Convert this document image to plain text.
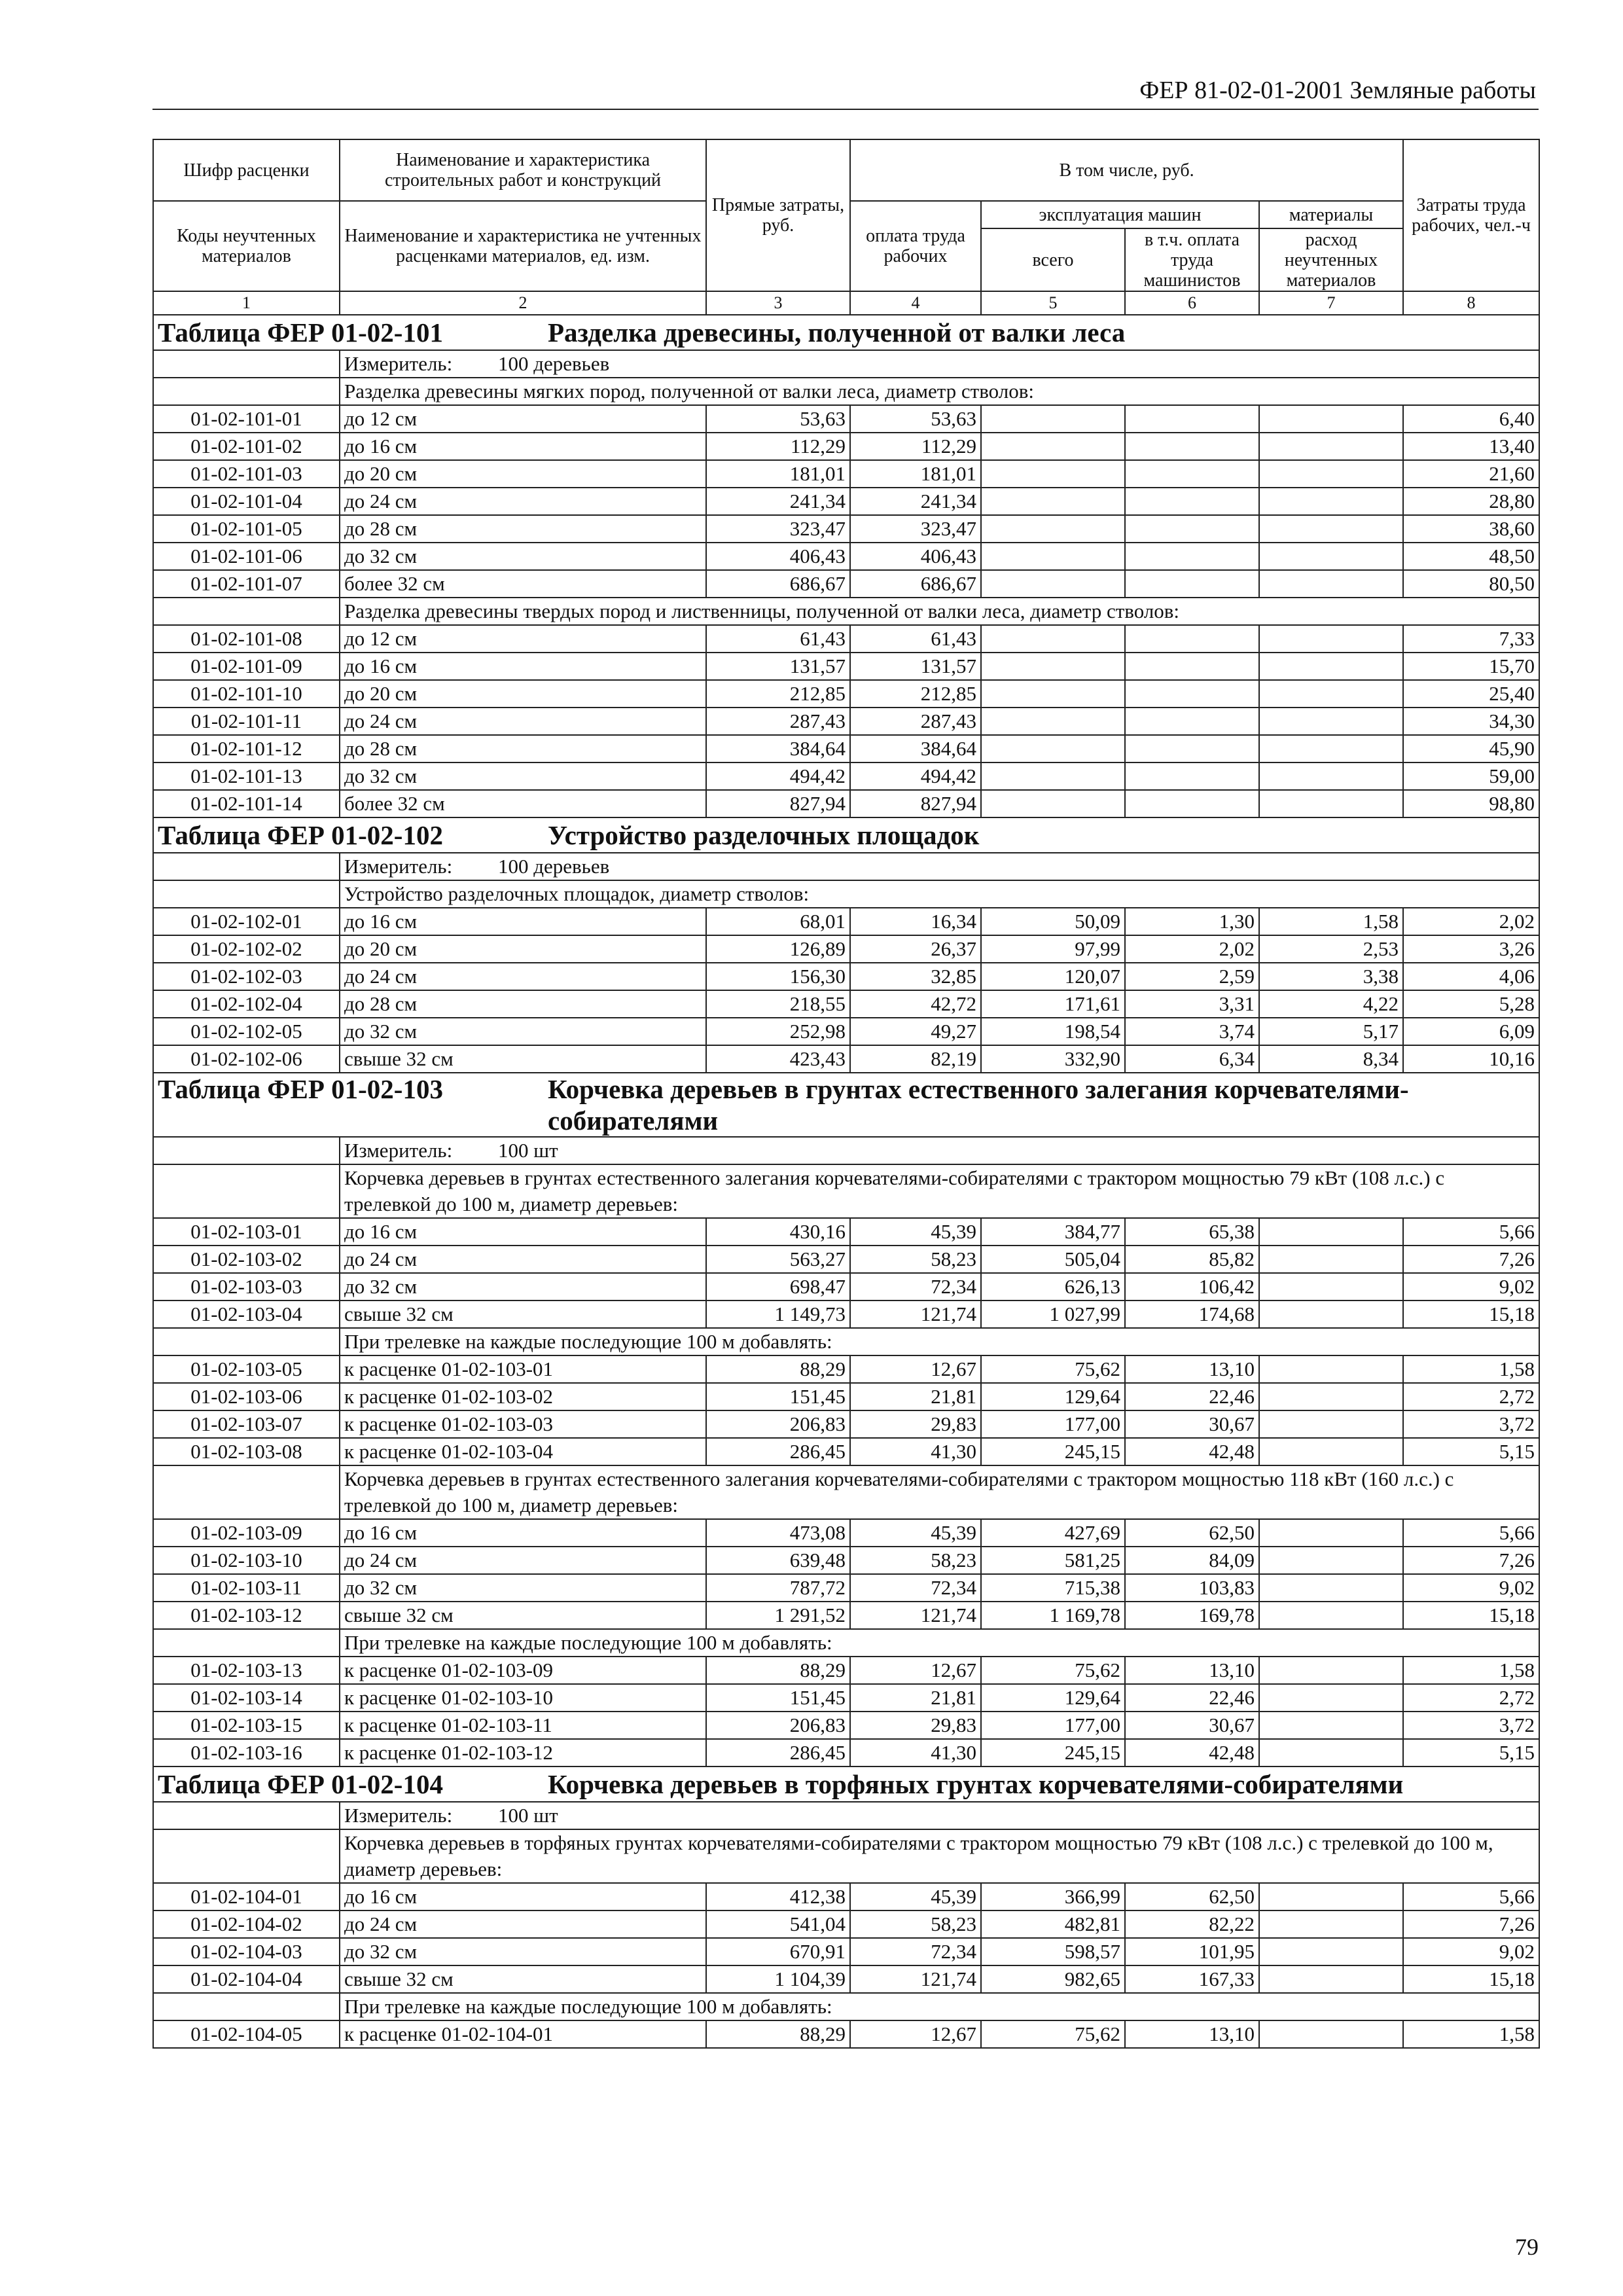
ФЕР 81-02-01-2001 Земляные работы
Шифр расценки	Наименование и характеристика строительных работ и конструкций	Прямые затраты, руб.	В том числе, руб.				Затраты труда рабочих, чел.-ч

Коды неучтенных материалов	Наименование и характеристика не учтенных расценками материалов, ед. изм.		оплата труда рабочих	эксплуатация машин		материалы	
				всего	в т.ч. оплата труда машинистов	расход неучтенных материалов	
1	2	3	4	5	6	7	8

Таблица ФЕР 01-02-101 Разделка древесины, полученной от валки леса							

	Измеритель: 100 деревьев						
	Разделка древесины мягких пород, полученной от валки леса, диаметр стволов:						
01-02-101-01	до 12 см	53,63	53,63				6,40
01-02-101-02	до 16 см	112,29	112,29				13,40
01-02-101-03	до 20 см	181,01	181,01				21,60
01-02-101-04	до 24 см	241,34	241,34				28,80
01-02-101-05	до 28 см	323,47	323,47				38,60
01-02-101-06	до 32 см	406,43	406,43				48,50
01-02-101-07	более 32 см	686,67	686,67				80,50
	Разделка древесины твердых пород и лиственницы, полученной от валки леса, диаметр стволов:						
01-02-101-08	до 12 см	61,43	61,43				7,33
01-02-101-09	до 16 см	131,57	131,57				15,70
01-02-101-10	до 20 см	212,85	212,85				25,40
01-02-101-11	до 24 см	287,43	287,43				34,30
01-02-101-12	до 28 см	384,64	384,64				45,90
01-02-101-13	до 32 см	494,42	494,42				59,00
01-02-101-14	более 32 см	827,94	827,94				98,80

Таблица ФЕР 01-02-102 Устройство разделочных площадок							

	Измеритель: 100 деревьев						
	Устройство разделочных площадок, диаметр стволов:						
01-02-102-01	до 16 см	68,01	16,34	50,09	1,30	1,58	2,02
01-02-102-02	до 20 см	126,89	26,37	97,99	2,02	2,53	3,26
01-02-102-03	до 24 см	156,30	32,85	120,07	2,59	3,38	4,06
01-02-102-04	до 28 см	218,55	42,72	171,61	3,31	4,22	5,28
01-02-102-05	до 32 см	252,98	49,27	198,54	3,74	5,17	6,09
01-02-102-06	свыше 32 см	423,43	82,19	332,90	6,34	8,34	10,16

Таблица ФЕР 01-02-103 Корчевка деревьев в грунтах естественного залегания корчевателями-собирателями							

	Измеритель: 100 шт						
	Корчевка деревьев в грунтах естественного залегания корчевателями-собирателями с трактором мощностью 79 кВт (108 л.с.) с трелевкой до 100 м, диаметр деревьев:						
01-02-103-01	до 16 см	430,16	45,39	384,77	65,38		5,66
01-02-103-02	до 24 см	563,27	58,23	505,04	85,82		7,26
01-02-103-03	до 32 см	698,47	72,34	626,13	106,42		9,02
01-02-103-04	свыше 32 см	1 149,73	121,74	1 027,99	174,68		15,18
	При трелевке на каждые последующие 100 м добавлять:						
01-02-103-05	к расценке 01-02-103-01	88,29	12,67	75,62	13,10		1,58
01-02-103-06	к расценке 01-02-103-02	151,45	21,81	129,64	22,46		2,72
01-02-103-07	к расценке 01-02-103-03	206,83	29,83	177,00	30,67		3,72
01-02-103-08	к расценке 01-02-103-04	286,45	41,30	245,15	42,48		5,15
	Корчевка деревьев в грунтах естественного залегания корчевателями-собирателями с трактором мощностью 118 кВт (160 л.с.) с трелевкой до 100 м, диаметр деревьев:						
01-02-103-09	до 16 см	473,08	45,39	427,69	62,50		5,66
01-02-103-10	до 24 см	639,48	58,23	581,25	84,09		7,26
01-02-103-11	до 32 см	787,72	72,34	715,38	103,83		9,02
01-02-103-12	свыше 32 см	1 291,52	121,74	1 169,78	169,78		15,18
	При трелевке на каждые последующие 100 м добавлять:						
01-02-103-13	к расценке 01-02-103-09	88,29	12,67	75,62	13,10		1,58
01-02-103-14	к расценке 01-02-103-10	151,45	21,81	129,64	22,46		2,72
01-02-103-15	к расценке 01-02-103-11	206,83	29,83	177,00	30,67		3,72
01-02-103-16	к расценке 01-02-103-12	286,45	41,30	245,15	42,48		5,15

Таблица ФЕР 01-02-104 Корчевка деревьев в торфяных грунтах корчевателями-собирателями							

	Измеритель: 100 шт						
	Корчевка деревьев в торфяных грунтах корчевателями-собирателями с трактором мощностью 79 кВт (108 л.с.) с трелевкой до 100 м, диаметр деревьев:						
01-02-104-01	до 16 см	412,38	45,39	366,99	62,50		5,66
01-02-104-02	до 24 см	541,04	58,23	482,81	82,22		7,26
01-02-104-03	до 32 см	670,91	72,34	598,57	101,95		9,02
01-02-104-04	свыше 32 см	1 104,39	121,74	982,65	167,33		15,18
	При трелевке на каждые последующие 100 м добавлять:						
01-02-104-05	к расценке 01-02-104-01	88,29	12,67	75,62	13,10		1,58
79
